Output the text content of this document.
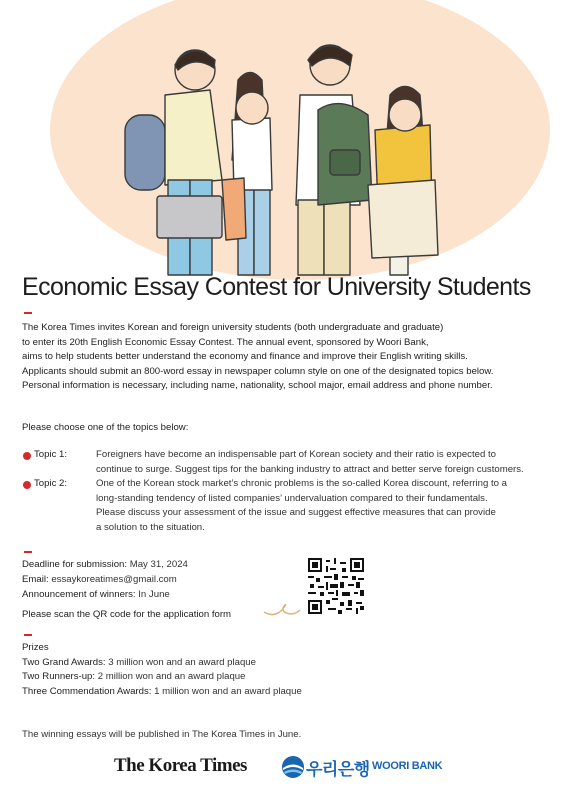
Economic Essay Contest for University Students
The Korea Times invites Korean and foreign university students (both undergraduate and graduate)
to enter its 20th English Economic Essay Contest. The annual event, sponsored by Woori Bank,
aims to help students better understand the economy and finance and improve their English writing skills.
Applicants should submit an 800-word essay in newspaper column style on one of the designated topics below.
Personal information is necessary, including name, nationality, school major, email address and phone number.
Please choose one of the topics below:
Topic 1:	Foreigners have become an indispensable part of Korean society and their ratio is expected to
continue to surge. Suggest tips for the banking industry to attract and better serve foreign customers.
Topic 2:	One of the Korean stock market’s chronic problems is the so-called Korea discount, referring to a
long-standing tendency of listed companies’ undervaluation compared to their fundamentals.
Please discuss your assessment of the issue and suggest effective measures that can provide
a solution to the situation.
Deadline for submission: May 31, 2024
Email: essaykoreatimes@gmail.com
Announcement of winners: In June
Please scan the QR code for the application form
Prizes
Two Grand Awards: 3 million won and an award plaque
Two Runners-up: 2 million won and an award plaque
Three Commendation Awards: 1 million won and an award plaque
The winning essays will be published in The Korea Times in June.
The Korea Times	우리은행 WOORI BANK
